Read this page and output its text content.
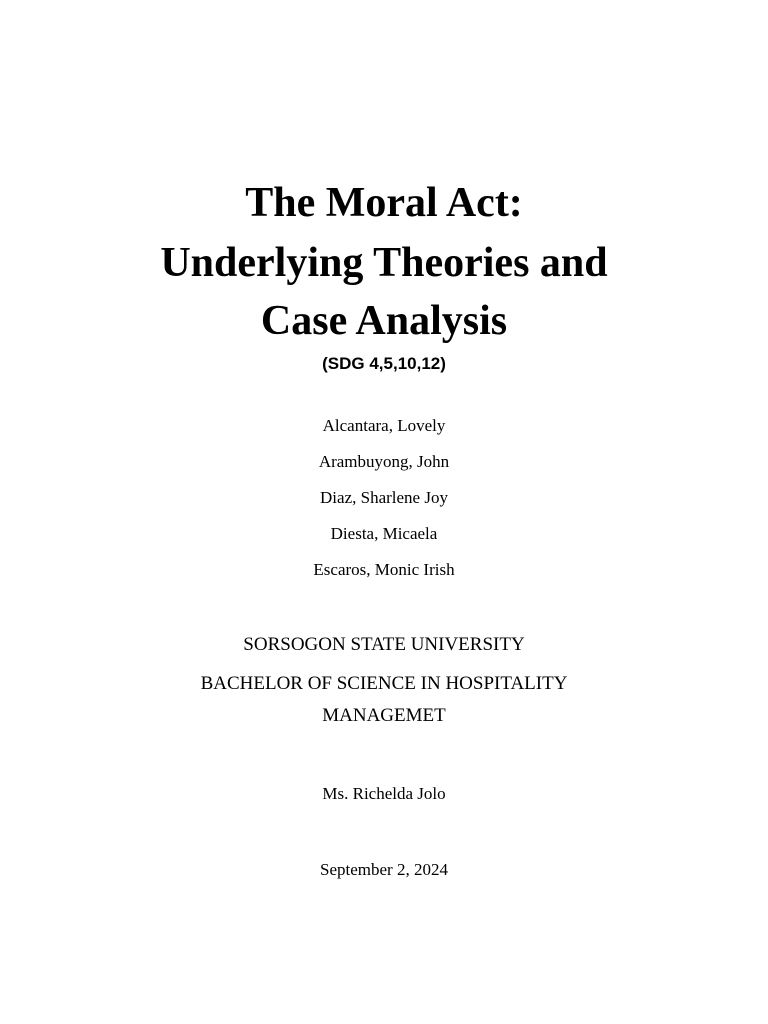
The Moral Act:
Underlying Theories and
Case Analysis
(SDG 4,5,10,12)
Alcantara, Lovely
Arambuyong, John
Diaz, Sharlene Joy
Diesta, Micaela
Escaros, Monic Irish
SORSOGON STATE UNIVERSITY
BACHELOR OF SCIENCE IN HOSPITALITY
MANAGEMET
Ms. Richelda Jolo
September 2, 2024
